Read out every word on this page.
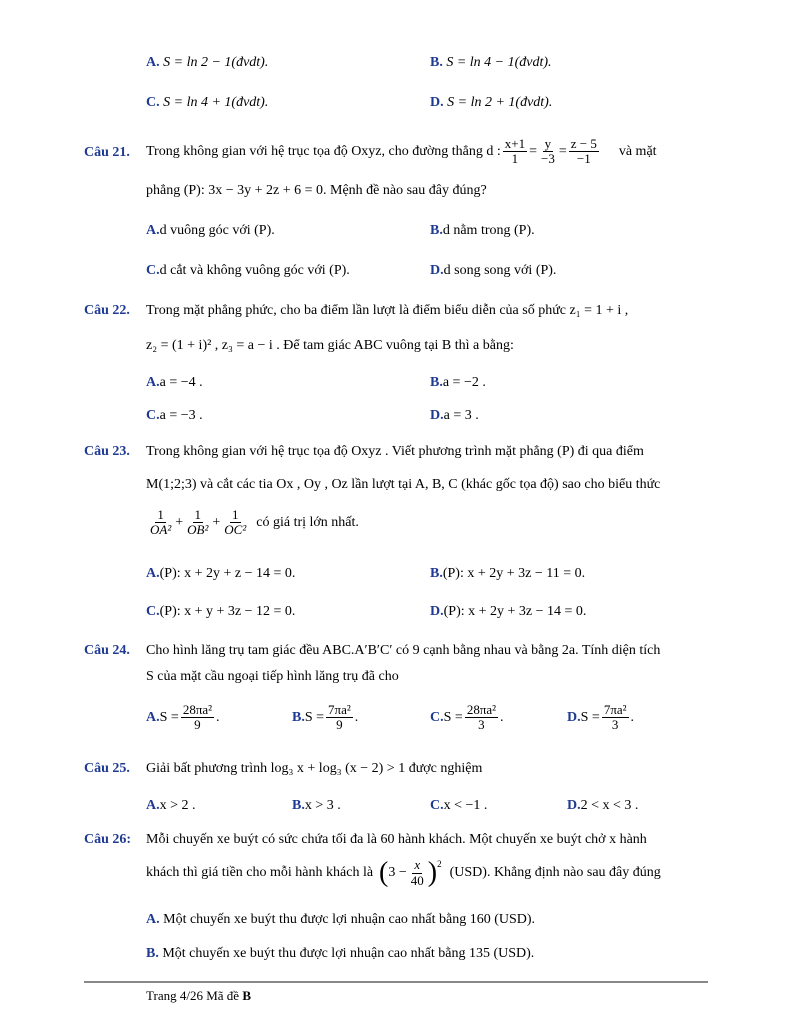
A. S = ln 2 − 1(đvdt).	B. S = ln 4 − 1(đvdt).
C. S = ln 4 + 1(đvdt).	D. S = ln 2 + 1(đvdt).
Câu 21. Trong không gian với hệ trục tọa độ Oxyz, cho đường thẳng d : $\frac{x+1}{1} = \frac{y}{-3} = \frac{z - 5}{-1}$ và mặt
phẳng (P): 3x − 3y + 2z + 6 = 0. Mệnh đề nào sau đây đúng?
A.d vuông góc với (P).	B.d nằm trong (P).
C.d cắt và không vuông góc với (P).	D.d song song với (P).
Câu 22. Trong mặt phẳng phức, cho ba điểm lần lượt là điểm biểu diễn của số phức z₁ = 1 + i ,
z₂ = (1 + i)² , z₃ = a − i . Để tam giác ABC vuông tại B thì a bằng:
A.a = −4 .	B.a = −2 .
C.a = −3 .	D.a = 3 .
Câu 23. Trong không gian với hệ trục tọa độ Oxyz . Viết phương trình mặt phẳng (P) đi qua điểm
M(1;2;3) và cắt các tia Ox , Oy , Oz lần lượt tại A, B, C (khác gốc tọa độ) sao cho biểu thức
$\frac{1}{\text{OA²}} + \frac{1}{\text{OB²}} + \frac{1}{\text{OC²}}$ có giá trị lớn nhất.
A.(P): x + 2y + z − 14 = 0.	B.(P): x + 2y + 3z − 11 = 0.
C.(P): x + y + 3z − 12 = 0.	D.(P): x + 2y + 3z − 14 = 0.
Câu 24. Cho hình lăng trụ tam giác đều ABC.A′B′C′ có 9 cạnh bằng nhau và bằng 2a. Tính diện tích
S của mặt cầu ngoại tiếp hình lăng trụ đã cho
A. $S = \frac{\text{28πa²}}{9}$ .	B. $S = \frac{\text{7πa²}}{9}$ .	C. $S = \frac{\text{28πa²}}{3}$ .	D. $S = \frac{\text{7πa²}}{3}$ .
Câu 25. Giải bất phương trình log₃ x + log₃ (x − 2) > 1 được nghiệm
A.x > 2 .	B.x > 3 .	C.x < −1 .	D.2 < x < 3 .
Câu 26: Mỗi chuyến xe buýt có sức chứa tối đa là 60 hành khách. Một chuyến xe buýt chở x hành
khách thì giá tiền cho mỗi hành khách là ( $3 - \frac{x}{40}$ ) 2
(USD). Khẳng định nào sau đây đúng
A. Một chuyến xe buýt thu được lợi nhuận cao nhất bằng 160 (USD).
B. Một chuyến xe buýt thu được lợi nhuận cao nhất bằng 135 (USD).
Trang 4/26 Mã đề B
